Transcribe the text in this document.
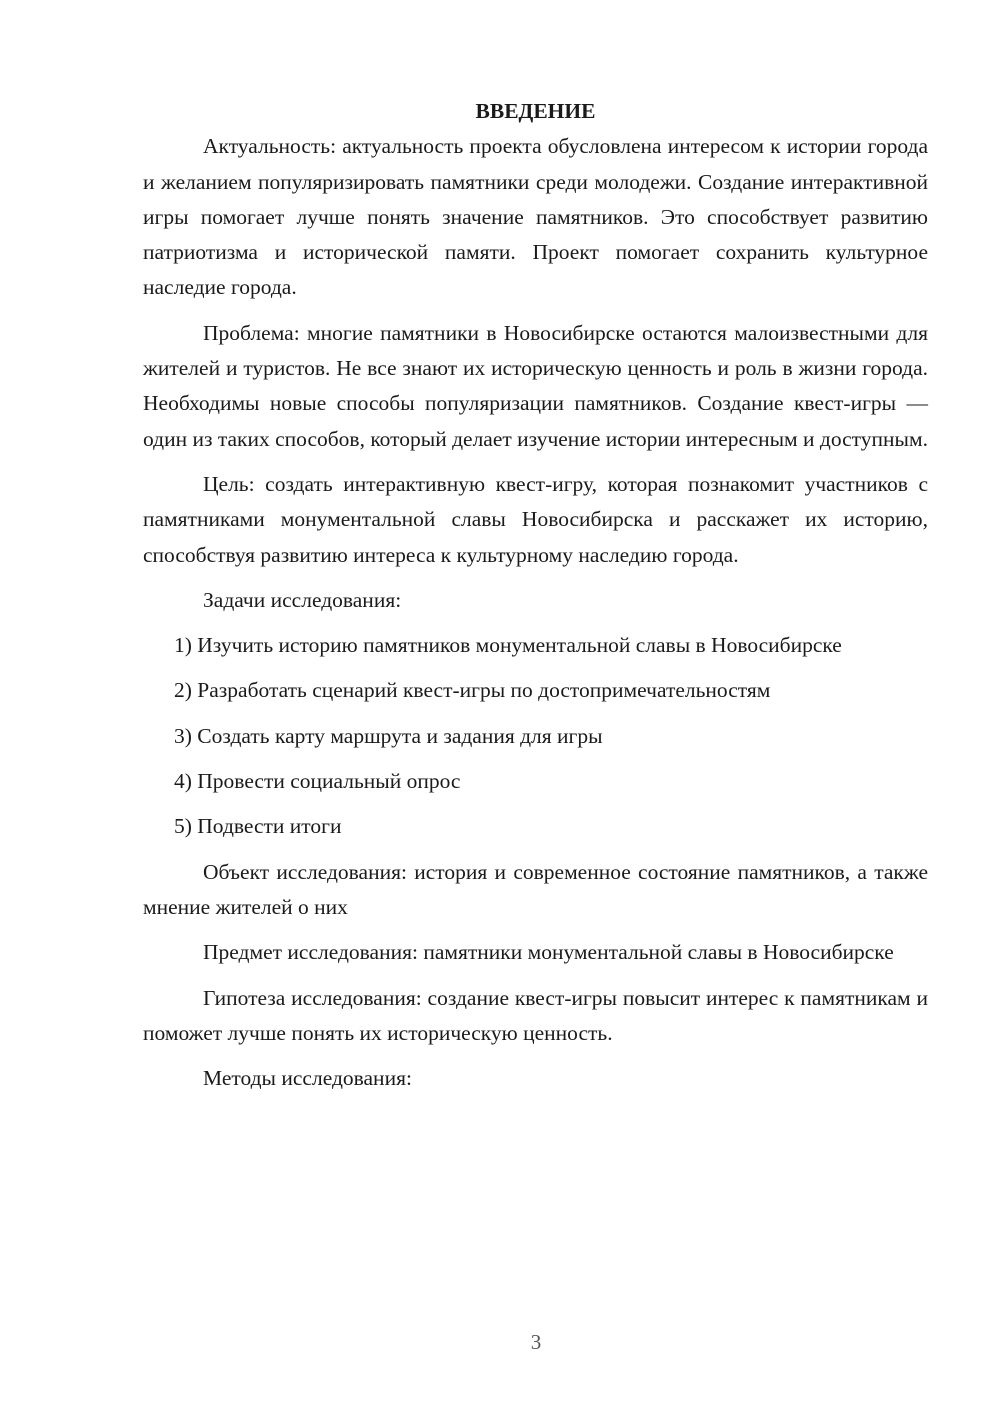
ВВЕДЕНИЕ

Актуальность: актуальность проекта обусловлена интересом к истории города и желанием популяризировать памятники среди молодежи. Создание интерактивной игры помогает лучше понять значение памятников. Это способствует развитию патриотизма и исторической памяти. Проект помогает сохранить культурное наследие города.

Проблема: многие памятники в Новосибирске остаются малоизвестными для жителей и туристов. Не все знают их историческую ценность и роль в жизни города. Необходимы новые способы популяризации памятников. Создание квест-игры — один из таких способов, который делает изучение истории интересным и доступным.

Цель: создать интерактивную квест-игру, которая познакомит участников с памятниками монументальной славы Новосибирска и расскажет их историю, способствуя развитию интереса к культурному наследию города.

Задачи исследования:

1) Изучить историю памятников монументальной славы в Новосибирске

2) Разработать сценарий квест-игры по достопримечательностям

3) Создать карту маршрута и задания для игры

4) Провести социальный опрос

5) Подвести итоги

Объект исследования: история и современное состояние памятников, а также мнение жителей о них

Предмет исследования: памятники монументальной славы в Новосибирске

Гипотеза исследования: создание квест-игры повысит интерес к памятникам и поможет лучше понять их историческую ценность.

Методы исследования:

3
